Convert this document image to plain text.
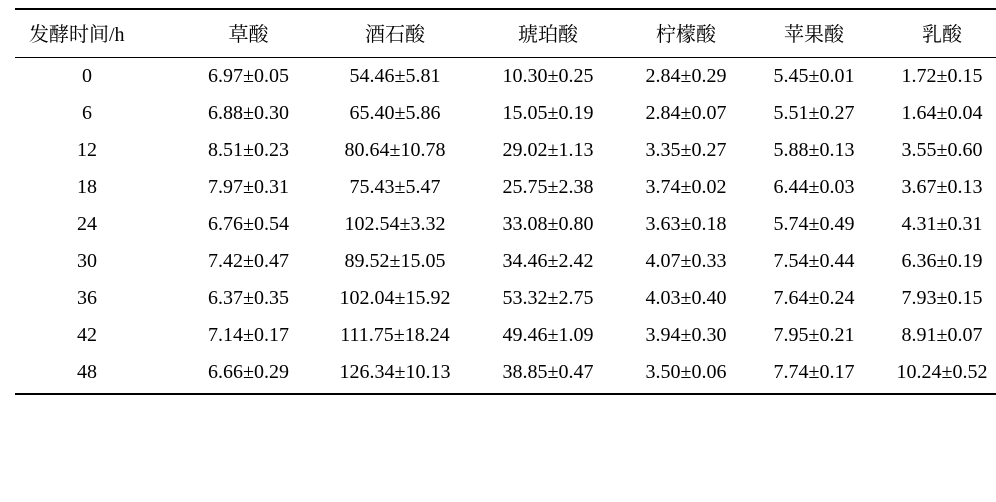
发酵时间/h	草酸	酒石酸	琥珀酸	柠檬酸	苹果酸	乳酸
0	6.97±0.05	54.46±5.81	10.30±0.25	2.84±0.29	5.45±0.01	1.72±0.15
6	6.88±0.30	65.40±5.86	15.05±0.19	2.84±0.07	5.51±0.27	1.64±0.04
12	8.51±0.23	80.64±10.78	29.02±1.13	3.35±0.27	5.88±0.13	3.55±0.60
18	7.97±0.31	75.43±5.47	25.75±2.38	3.74±0.02	6.44±0.03	3.67±0.13
24	6.76±0.54	102.54±3.32	33.08±0.80	3.63±0.18	5.74±0.49	4.31±0.31
30	7.42±0.47	89.52±15.05	34.46±2.42	4.07±0.33	7.54±0.44	6.36±0.19
36	6.37±0.35	102.04±15.92	53.32±2.75	4.03±0.40	7.64±0.24	7.93±0.15
42	7.14±0.17	111.75±18.24	49.46±1.09	3.94±0.30	7.95±0.21	8.91±0.07
48	6.66±0.29	126.34±10.13	38.85±0.47	3.50±0.06	7.74±0.17	10.24±0.52
